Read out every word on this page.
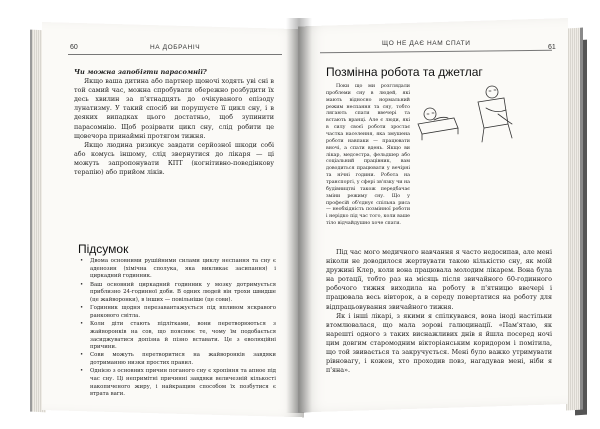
60	НА ДОБРАНІЧ

Чи можна запобігти парасомнії?

Якщо ваша дитина або партнер щоночі ходять уві сні в той самий час, можна спробувати обережно розбудити їх десь хвилин за п'ятнадцять до очікуваного епізоду лунатизму. У такий спосіб ви порушуєте її цикл сну, і в деяких випадках цього достатньо, щоб зупинити парасомнію. Щоб розірвати цикл сну, слід робити це щовечора принаймні протягом тижня.

Якщо людина ризикує завдати серйозної шкоди собі або комусь іншому, слід звернутися до лікаря — ці можуть запропонувати КПТ (когнітивно-поведінкову терапію) або прийом ліків.

Підсумок
• Двома основними рушійними силами циклу неспання та сну є аденозин (хімічна сполука, яка викликає засипання) і циркадний годинник.
• Ваш основний циркадний годинник у мозку дотримується приблизно 24-годинної доби. В одних людей він трохи швидше (це жайворонки), в інших — повільніше (це сови).
• Годинник щодня перезавантажується під впливом яскравого ранкового світла.
• Коли діти стають підлітками, вони перетворюються з жайворонків на сов, що пояснює те, чому їм подобається засиджуватися допізна й пізно вставати. Це з еволюційні причини.
• Сови можуть перетворитися на жайворонків завдяки дотриманню низки простих правил.
• Однією з основних причин поганого сну є хропіння та апное під час сну. Ці непримітні причинні завдяки величезній кількості накопиченого жиру, і найкращим способом їх позбутися є втрата ваги.
ЩО НЕ ДАЄ НАМ СПАТИ
61
Позмінна робота та джетлаг

Поки що ми розглядали проблеми сну в людей, які мають відносно нормальний режим неспання та сну, тобто лягають спати ввечері та встають вранці. Але є люди, які в силу своєї роботи зростає частка населення, яка змушена роботи навпаки — працювати вночі, а спати вдень. Якщо ви лікар, медсестра, фельдшер або соціальний працівник, вам доводиться працювати у вечірні та нічні години. Робота на транспорті, у сфері зв'язку чи на будівництві також передбачає зміни режиму сну. Що у професій об'єднує спільна риса — необхідність позмінної роботи і нерідко під час того, коли ваше тіло відчайдушно хоче спати.

Під час мого медичного навчання я часто недосипав, але мені ніколи не доводилося жертвувати такою кількістю сну, як моїй дружині Клер, коли вона працювала молодим лікарем. Вона була на ротації, тобто раз на місяць після звичайного 60-годинного робочого тижня виходила на роботу в п'ятницю ввечері і працювала весь вівторок, а в середу повертатися на роботу для відпрацьовування звичайного тижня.

Як і інші лікарі, з якими я спілкувався, вона іноді настільки втомлювалася, що мала зорові галюцинації. «Пам'ятаю, як нарешті одного з таких виснажливих днів я йшла посеред ночі цим довгим старомодним вікторіанським коридором і помітила, що той звивається та закручується. Мені було важко утримувати рівновагу, і кожен, хто проходив повз, нагадував мені, ніби я п'яна».
